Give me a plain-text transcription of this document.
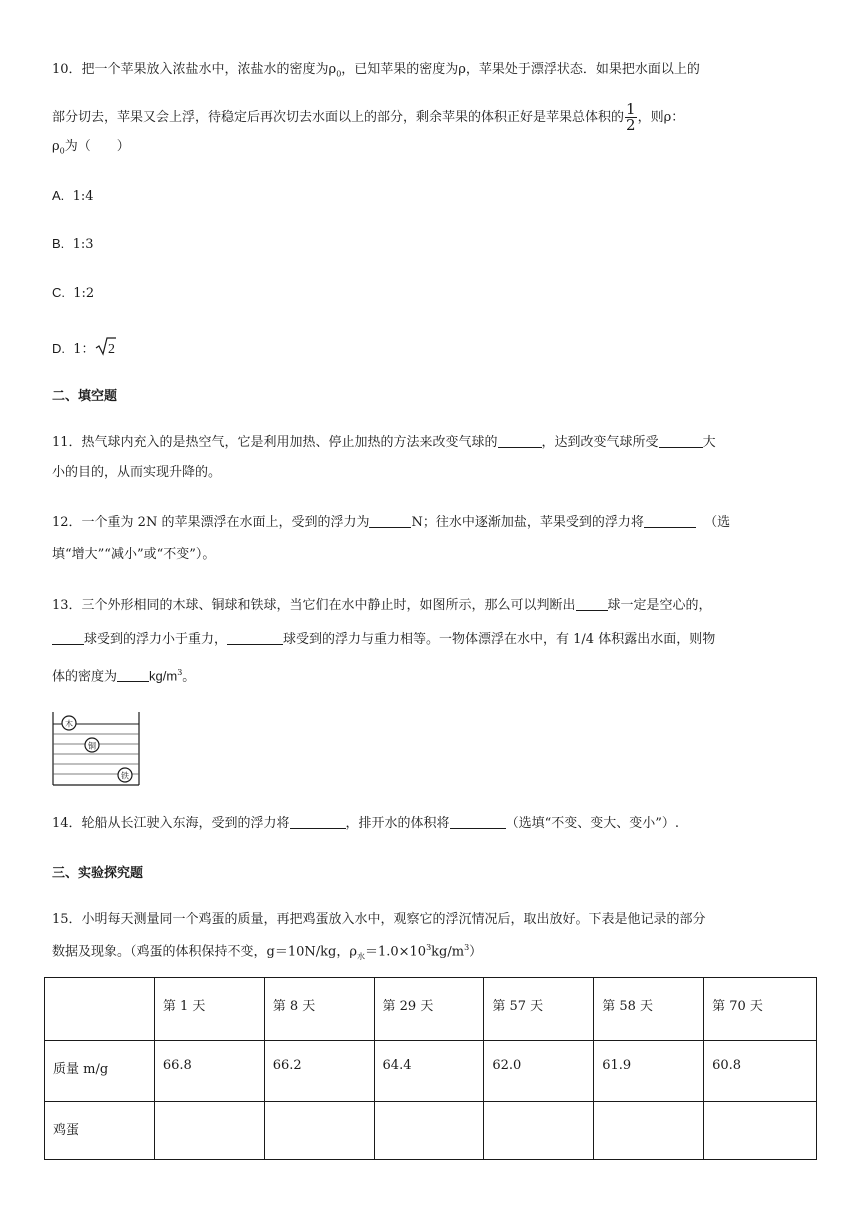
10．把一个苹果放入浓盐水中，浓盐水的密度为$\rho_0$，已知苹果的密度为ρ，苹果处于漂浮状态．如果把水面以上的
部分切去，苹果又会上浮，待稳定后再次切去水面以上的部分，剩余苹果的体积正好是苹果总体积的 $\frac{1}{2}$ ，则ρ：
$\rho_0$为（　　）
A. 1:4
B. 1:3
C. 1:2
D. 1： 2
二、填空题
11．热气球内充入的是热空气，它是利用加热、停止加热的方法来改变气球的	，达到改变气球所受	大
小的目的，从而实现升降的。
12．一个重为 2N 的苹果漂浮在水面上，受到的浮力为	N；往水中逐渐加盐，苹果受到的浮力将	（选
填“增大”“减小”或“不变”）。
13．三个外形相同的木球、铜球和铁球，当它们在水中静止时，如图所示，那么可以判断出 球一定是空心的，
球受到的浮力小于重力，	球受到的浮力与重力相等。一物体漂浮在水中，有 1/4 体积露出水面，则物
体的密度为 $kg/m^3$。
木
铜
铁
14．轮船从长江驶入东海，受到的浮力将	，排开水的体积将	（选填“不变、变大、变小”）.
三、实验探究题
15．小明每天测量同一个鸡蛋的质量，再把鸡蛋放入水中，观察它的浮沉情况后，取出放好。下表是他记录的部分
数据及现象。（鸡蛋的体积保持不变，g＝10N/kg，$\rho_水=1.0\times 10^3kg/m^3$）
	第 1 天	第 8 天	第 29 天	第 57 天	第 58 天	第 70 天
质量 m/g	66.8	66.2	64.4	62.0	61.9	60.8
鸡蛋						
